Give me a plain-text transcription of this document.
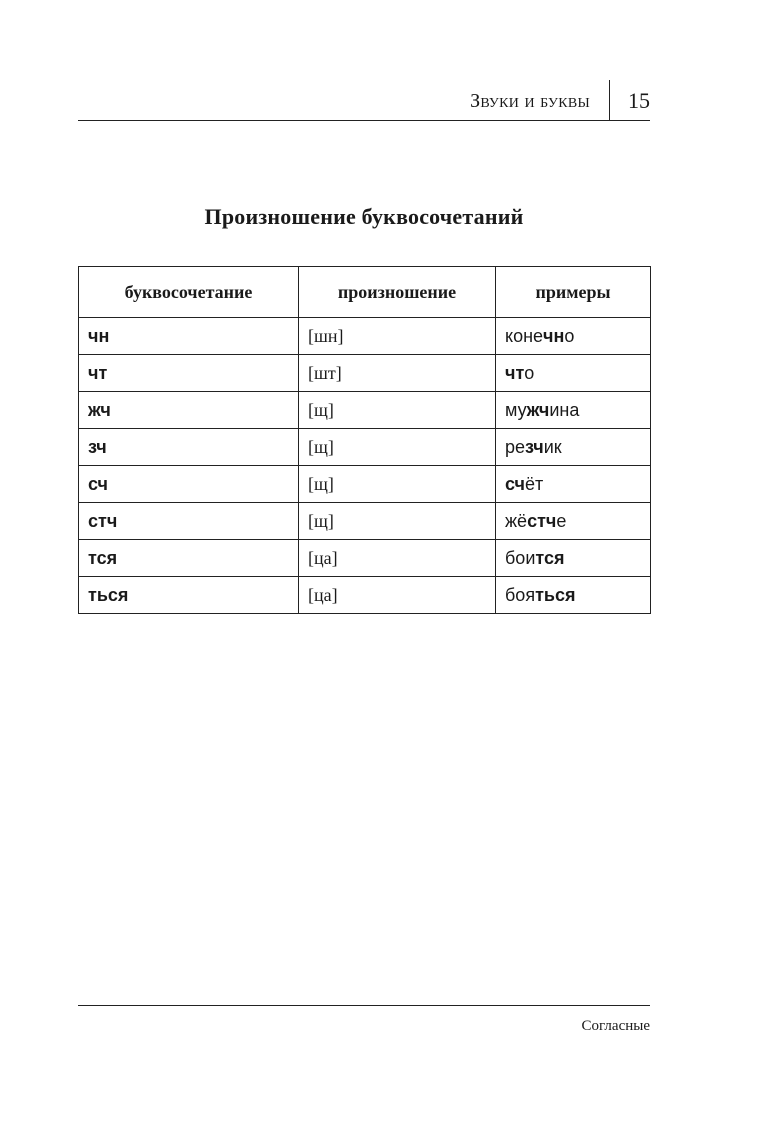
Звуки и буквы 15
Произношение буквосочетаний
буквосочетание	произношение	примеры
чн	[шн]	конечно
чт	[шт]	что
жч	[щ]	мужчина
зч	[щ]	резчик
сч	[щ]	счёт
стч	[щ]	жёстче
тся	[ца]	боится
ться	[ца]	бояться
Согласные
